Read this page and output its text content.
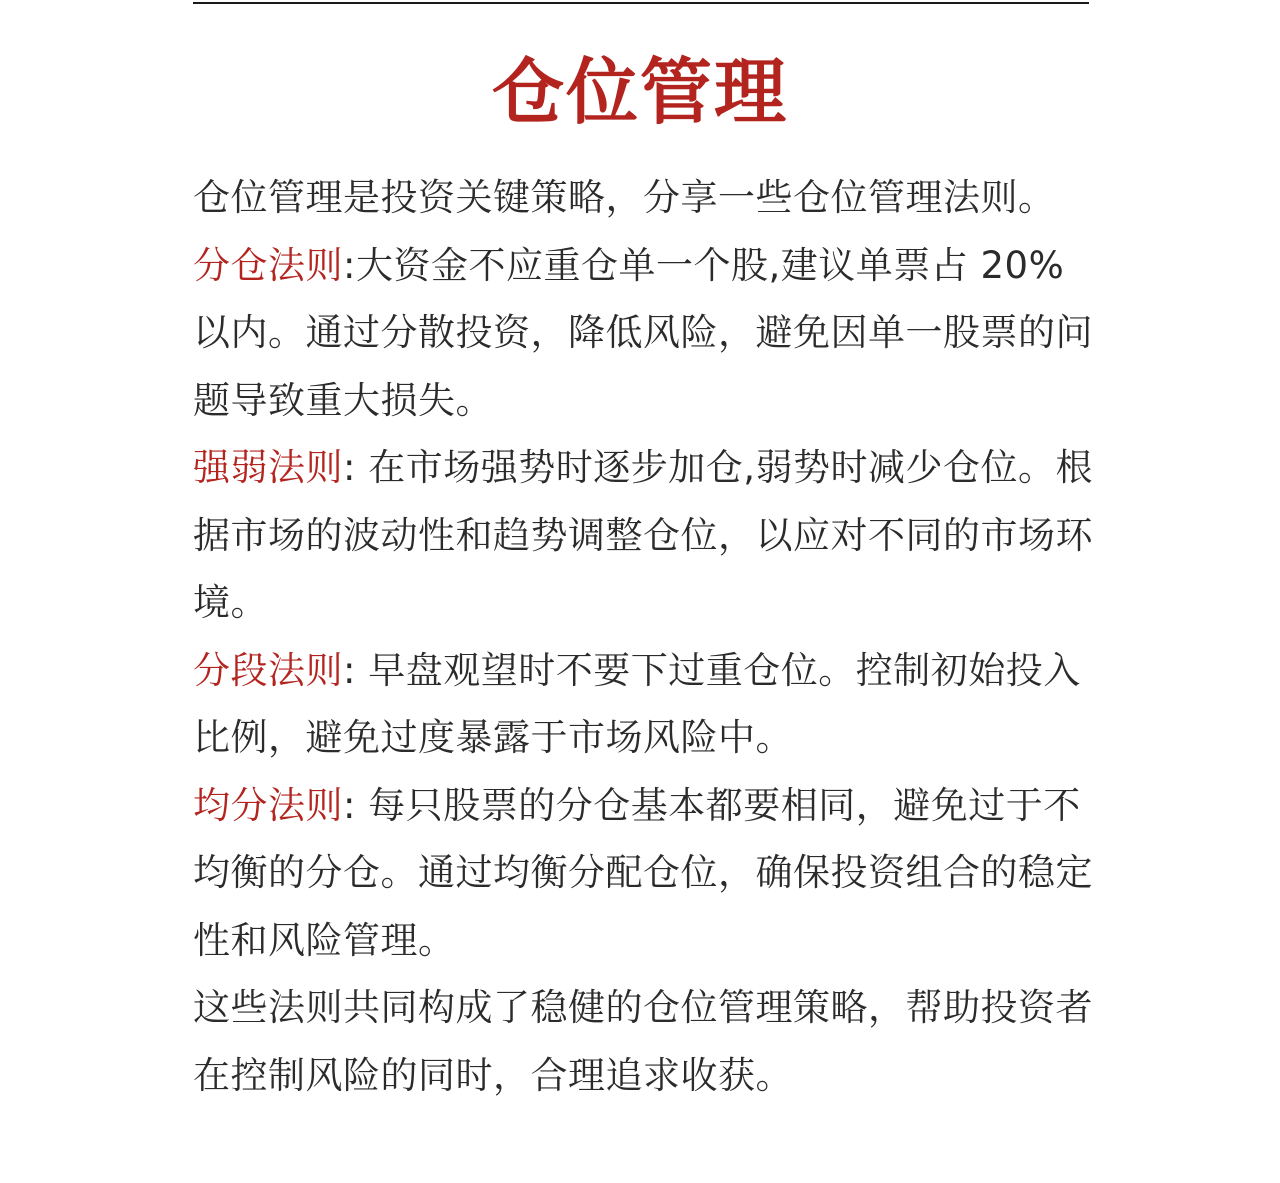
仓位管理

仓位管理是投资关键策略，分享一些仓位管理法则。

分仓法则:大资金不应重仓单一个股,建议单票占 20% 以内。通过分散投资，降低风险，避免因单一股票的问题导致重大损失。

强弱法则: 在市场强势时逐步加仓,弱势时减少仓位。根据市场的波动性和趋势调整仓位，以应对不同的市场环境。

分段法则: 早盘观望时不要下过重仓位。控制初始投入比例，避免过度暴露于市场风险中。

均分法则: 每只股票的分仓基本都要相同，避免过于不均衡的分仓。通过均衡分配仓位，确保投资组合的稳定性和风险管理。

这些法则共同构成了稳健的仓位管理策略，帮助投资者在控制风险的同时，合理追求收获。
